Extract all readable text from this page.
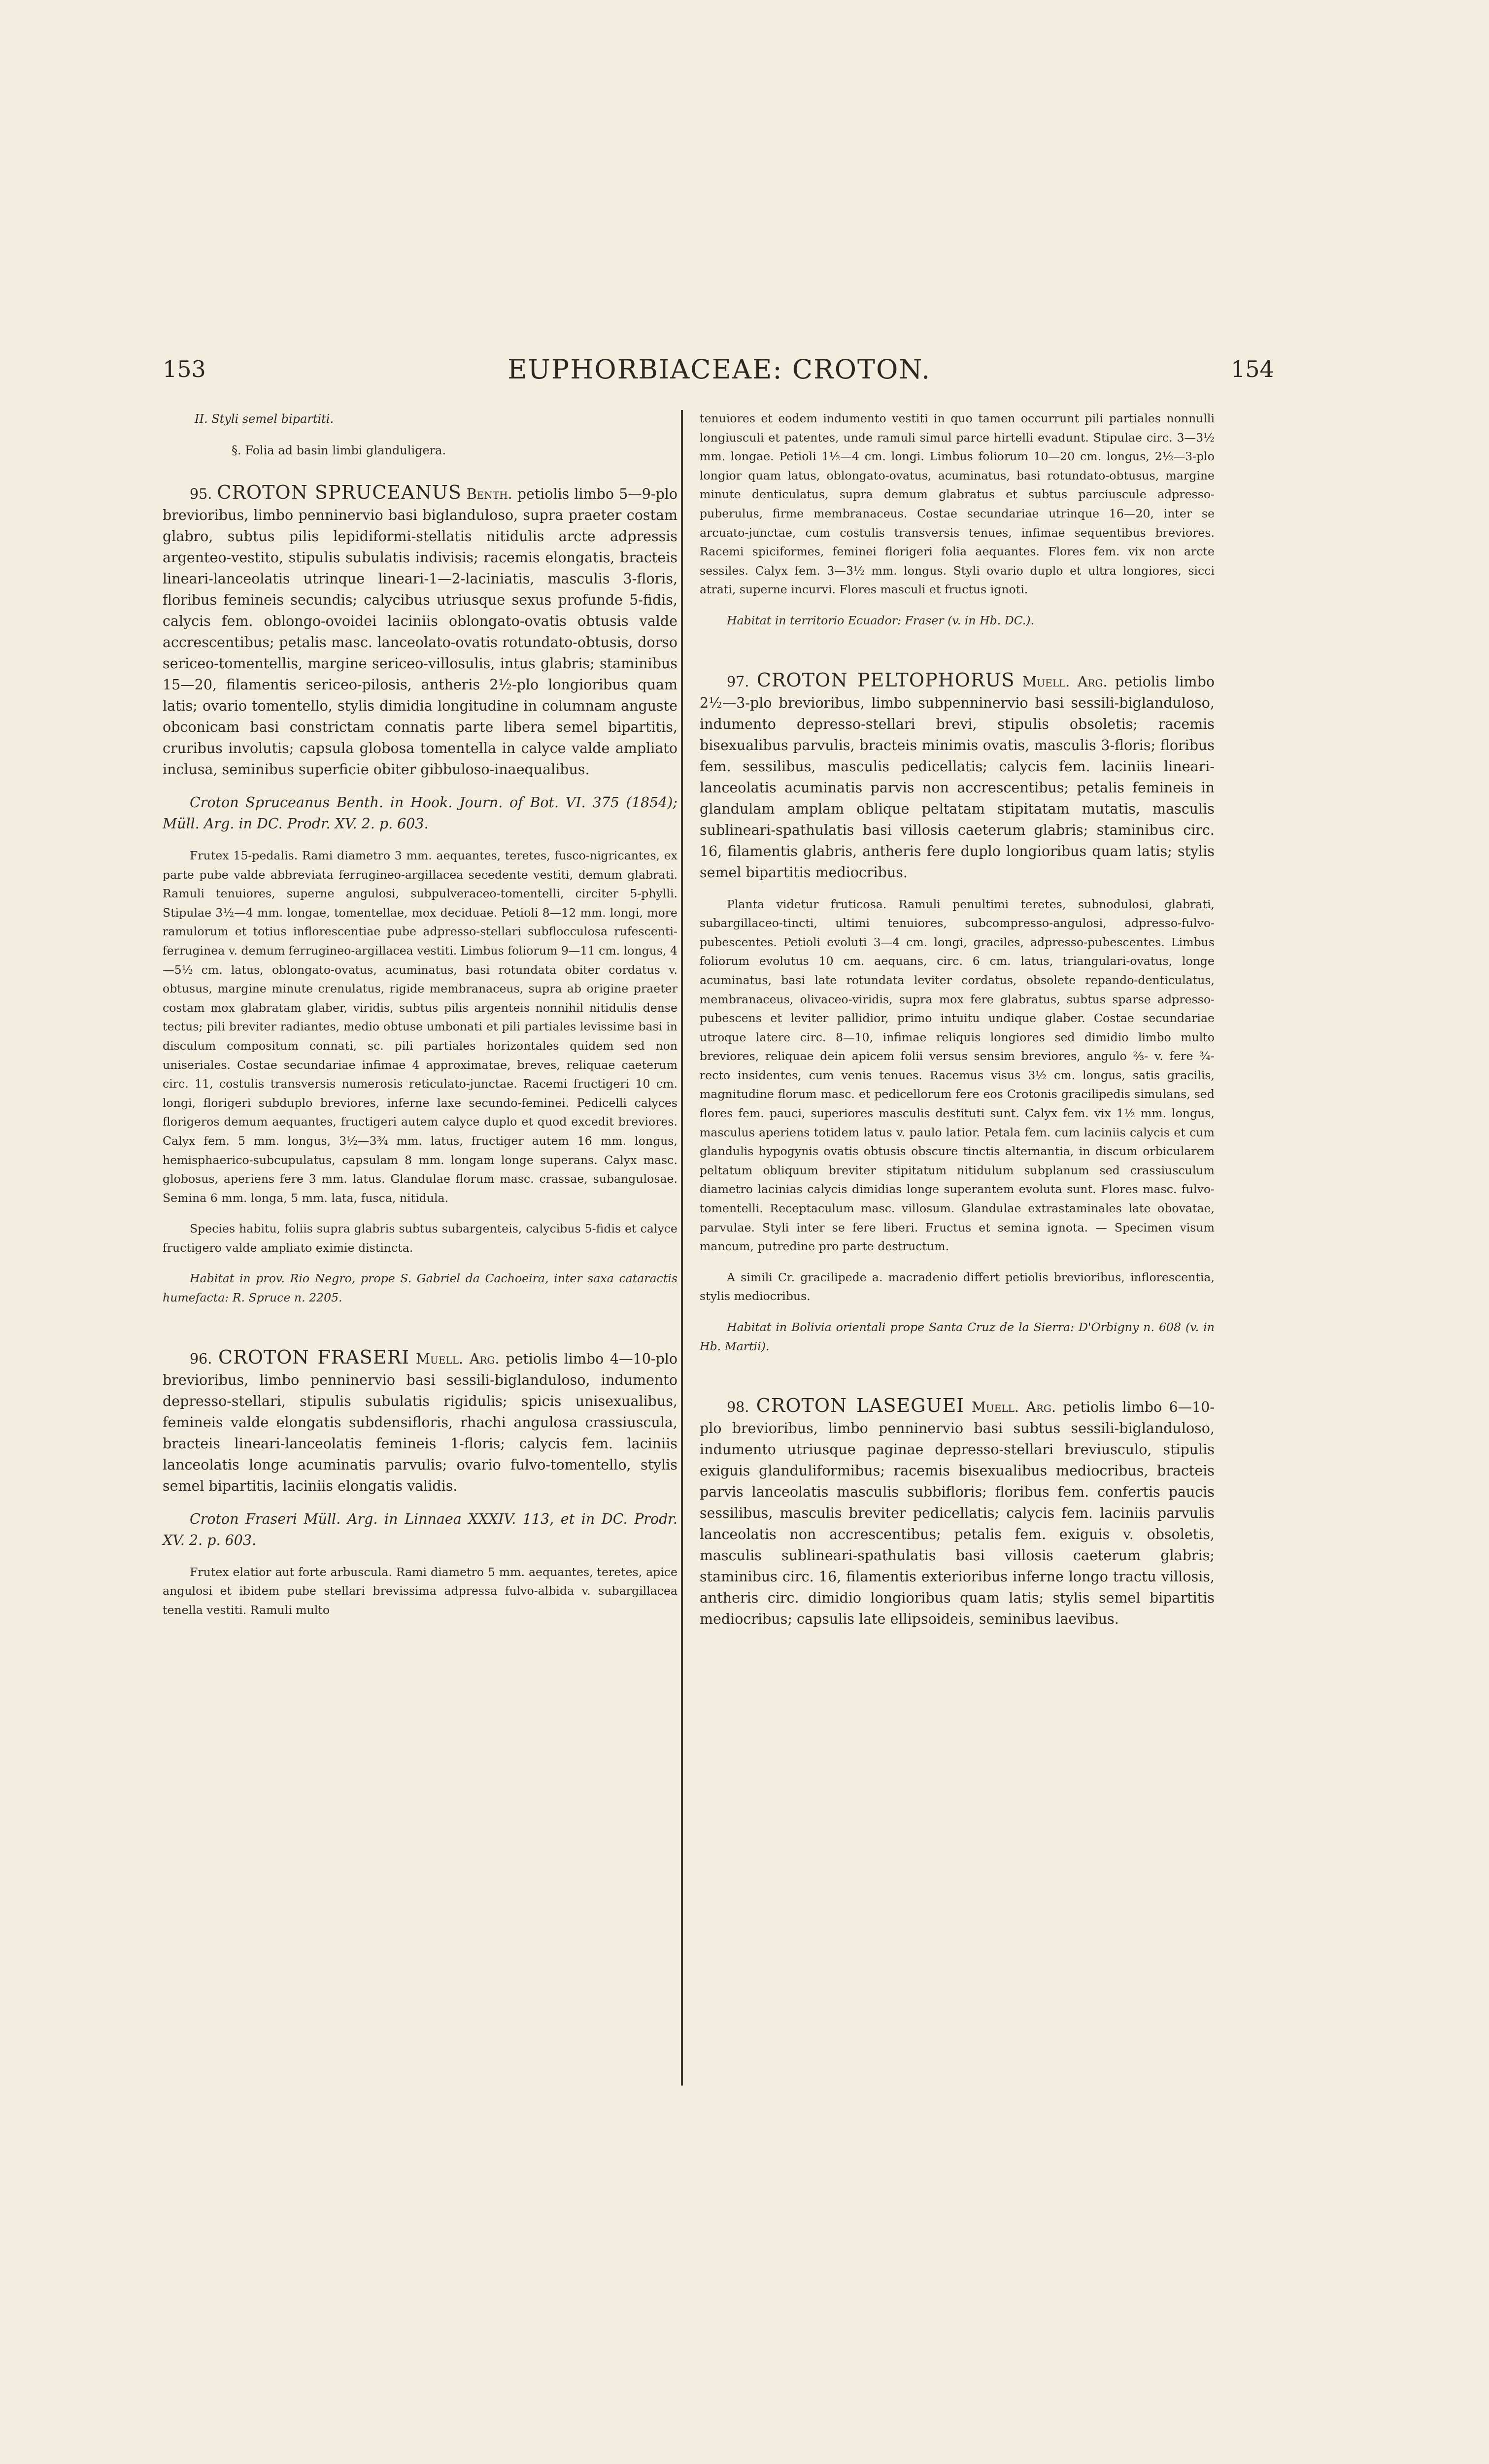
153	EUPHORBIACEAE: CROTON.	154

II. Styli semel bipartiti.

§. Folia ad basin limbi glanduligera.

95. CROTON SPRUCEANUS Benth. petiolis limbo 5—9-plo brevioribus, limbo penninervio basi biglanduloso, supra praeter costam glabro, subtus pilis lepidiformi-stellatis nitidulis arcte adpressis argenteo-vestito, stipulis subulatis indivisis; racemis elongatis, bracteis lineari-lanceolatis utrinque lineari-1—2-laciniatis, masculis 3-floris, floribus femineis secundis; calycibus utriusque sexus profunde 5-fidis, calycis fem. oblongo-ovoidei laciniis oblongato-ovatis obtusis valde accrescentibus; petalis masc. lanceolato-ovatis rotundato-obtusis, dorso sericeo-tomentellis, margine sericeo-villosulis, intus glabris; staminibus 15—20, filamentis sericeo-pilosis, antheris 2½-plo longioribus quam latis; ovario tomentello, stylis dimidia longitudine in columnam anguste obconicam basi constrictam connatis parte libera semel bipartitis, cruribus involutis; capsula globosa tomentella in calyce valde ampliato inclusa, seminibus superficie obiter gibbuloso-inaequalibus.

Croton Spruceanus Benth. in Hook. Journ. of Bot. VI. 375 (1854); Müll. Arg. in DC. Prodr. XV. 2. p. 603.

Frutex 15-pedalis. Rami diametro 3 mm. aequantes, teretes, fusco-nigricantes, ex parte pube valde abbreviata ferrugineo-argillacea secedente vestiti, demum glabrati. Ramuli tenuiores, superne angulosi, subpulveraceo-tomentelli, circiter 5-phylli. Stipulae 3½—4 mm. longae, tomentellae, mox deciduae. Petioli 8—12 mm. longi, more ramulorum et totius inflorescentiae pube adpresso-stellari subflocculosa rufescenti-ferruginea v. demum ferrugineo-argillacea vestiti. Limbus foliorum 9—11 cm. longus, 4—5½ cm. latus, oblongato-ovatus, acuminatus, basi rotundata obiter cordatus v. obtusus, margine minute crenulatus, rigide membranaceus, supra ab origine praeter costam mox glabratam glaber, viridis, subtus pilis argenteis nonnihil nitidulis dense tectus; pili breviter radiantes, medio obtuse umbonati et pili partiales levissime basi in disculum compositum connati, sc. pili partiales horizontales quidem sed non uniseriales. Costae secundariae infimae 4 approximatae, breves, reliquae caeterum circ. 11, costulis transversis numerosis reticulato-junctae. Racemi fructigeri 10 cm. longi, florigeri subduplo breviores, inferne laxe secundo-feminei. Pedicelli calyces florigeros demum aequantes, fructigeri autem calyce duplo et quod excedit breviores. Calyx fem. 5 mm. longus, 3½—3¾ mm. latus, fructiger autem 16 mm. longus, hemisphaerico-subcupulatus, capsulam 8 mm. longam longe superans. Calyx masc. globosus, aperiens fere 3 mm. latus. Glandulae florum masc. crassae, subangulosae. Semina 6 mm. longa, 5 mm. lata, fusca, nitidula.

Species habitu, foliis supra glabris subtus subargenteis, calycibus 5-fidis et calyce fructigero valde ampliato eximie distincta.

Habitat in prov. Rio Negro, prope S. Gabriel da Cachoeira, inter saxa cataractis humefacta: R. Spruce n. 2205.

96. CROTON FRASERI Muell. Arg. petiolis limbo 4—10-plo brevioribus, limbo penninervio basi sessili-biglanduloso, indumento depresso-stellari, stipulis subulatis rigidulis; spicis unisexualibus, femineis valde elongatis subdensifloris, rhachi angulosa crassiuscula, bracteis lineari-lanceolatis femineis 1-floris; calycis fem. laciniis lanceolatis longe acuminatis parvulis; ovario fulvo-tomentello, stylis semel bipartitis, laciniis elongatis validis.

Croton Fraseri Müll. Arg. in Linnaea XXXIV. 113, et in DC. Prodr. XV. 2. p. 603.

Frutex elatior aut forte arbuscula. Rami diametro 5 mm. aequantes, teretes, apice angulosi et ibidem pube stellari brevissima adpressa fulvo-albida v. subargillacea tenella vestiti. Ramuli multo

tenuiores et eodem indumento vestiti in quo tamen occurrunt pili partiales nonnulli longiusculi et patentes, unde ramuli simul parce hirtelli evadunt. Stipulae circ. 3—3½ mm. longae. Petioli 1½—4 cm. longi. Limbus foliorum 10—20 cm. longus, 2½—3-plo longior quam latus, oblongato-ovatus, acuminatus, basi rotundato-obtusus, margine minute denticulatus, supra demum glabratus et subtus parciuscule adpresso-puberulus, firme membranaceus. Costae secundariae utrinque 16—20, inter se arcuato-junctae, cum costulis transversis tenues, infimae sequentibus breviores. Racemi spiciformes, feminei florigeri folia aequantes. Flores fem. vix non arcte sessiles. Calyx fem. 3—3½ mm. longus. Styli ovario duplo et ultra longiores, sicci atrati, superne incurvi. Flores masculi et fructus ignoti.

Habitat in territorio Ecuador: Fraser (v. in Hb. DC.).

97. CROTON PELTOPHORUS Muell. Arg. petiolis limbo 2½—3-plo brevioribus, limbo subpenninervio basi sessili-biglanduloso, indumento depresso-stellari brevi, stipulis obsoletis; racemis bisexualibus parvulis, bracteis minimis ovatis, masculis 3-floris; floribus fem. sessilibus, masculis pedicellatis; calycis fem. laciniis lineari-lanceolatis acuminatis parvis non accrescentibus; petalis femineis in glandulam amplam oblique peltatam stipitatam mutatis, masculis sublineari-spathulatis basi villosis caeterum glabris; staminibus circ. 16, filamentis glabris, antheris fere duplo longioribus quam latis; stylis semel bipartitis mediocribus.

Planta videtur fruticosa. Ramuli penultimi teretes, subnodulosi, glabrati, subargillaceo-tincti, ultimi tenuiores, subcompresso-angulosi, adpresso-fulvo-pubescentes. Petioli evoluti 3—4 cm. longi, graciles, adpresso-pubescentes. Limbus foliorum evolutus 10 cm. aequans, circ. 6 cm. latus, triangulari-ovatus, longe acuminatus, basi late rotundata leviter cordatus, obsolete repando-denticulatus, membranaceus, olivaceo-viridis, supra mox fere glabratus, subtus sparse adpresso-pubescens et leviter pallidior, primo intuitu undique glaber. Costae secundariae utroque latere circ. 8—10, infimae reliquis longiores sed dimidio limbo multo breviores, reliquae dein apicem folii versus sensim breviores, angulo ⅔- v. fere ¾-recto insidentes, cum venis tenues. Racemus visus 3½ cm. longus, satis gracilis, magnitudine florum masc. et pedicellorum fere eos Crotonis gracilipedis simulans, sed flores fem. pauci, superiores masculis destituti sunt. Calyx fem. vix 1½ mm. longus, masculus aperiens totidem latus v. paulo latior. Petala fem. cum laciniis calycis et cum glandulis hypogynis ovatis obtusis obscure tinctis alternantia, in discum orbicularem peltatum obliquum breviter stipitatum nitidulum subplanum sed crassiusculum diametro lacinias calycis dimidias longe superantem evoluta sunt. Flores masc. fulvo-tomentelli. Receptaculum masc. villosum. Glandulae extrastaminales late obovatae, parvulae. Styli inter se fere liberi. Fructus et semina ignota. — Specimen visum mancum, putredine pro parte destructum.

A simili Cr. gracilipede a. macradenio differt petiolis brevioribus, inflorescentia, stylis mediocribus.

Habitat in Bolivia orientali prope Santa Cruz de la Sierra: D'Orbigny n. 608 (v. in Hb. Martii).

98. CROTON LASEGUEI Muell. Arg. petiolis limbo 6—10-plo brevioribus, limbo penninervio basi subtus sessili-biglanduloso, indumento utriusque paginae depresso-stellari breviusculo, stipulis exiguis glanduliformibus; racemis bisexualibus mediocribus, bracteis parvis lanceolatis masculis subbifloris; floribus fem. confertis paucis sessilibus, masculis breviter pedicellatis; calycis fem. laciniis parvulis lanceolatis non accrescentibus; petalis fem. exiguis v. obsoletis, masculis sublineari-spathulatis basi villosis caeterum glabris; staminibus circ. 16, filamentis exterioribus inferne longo tractu villosis, antheris circ. dimidio longioribus quam latis; stylis semel bipartitis mediocribus; capsulis late ellipsoideis, seminibus laevibus.
